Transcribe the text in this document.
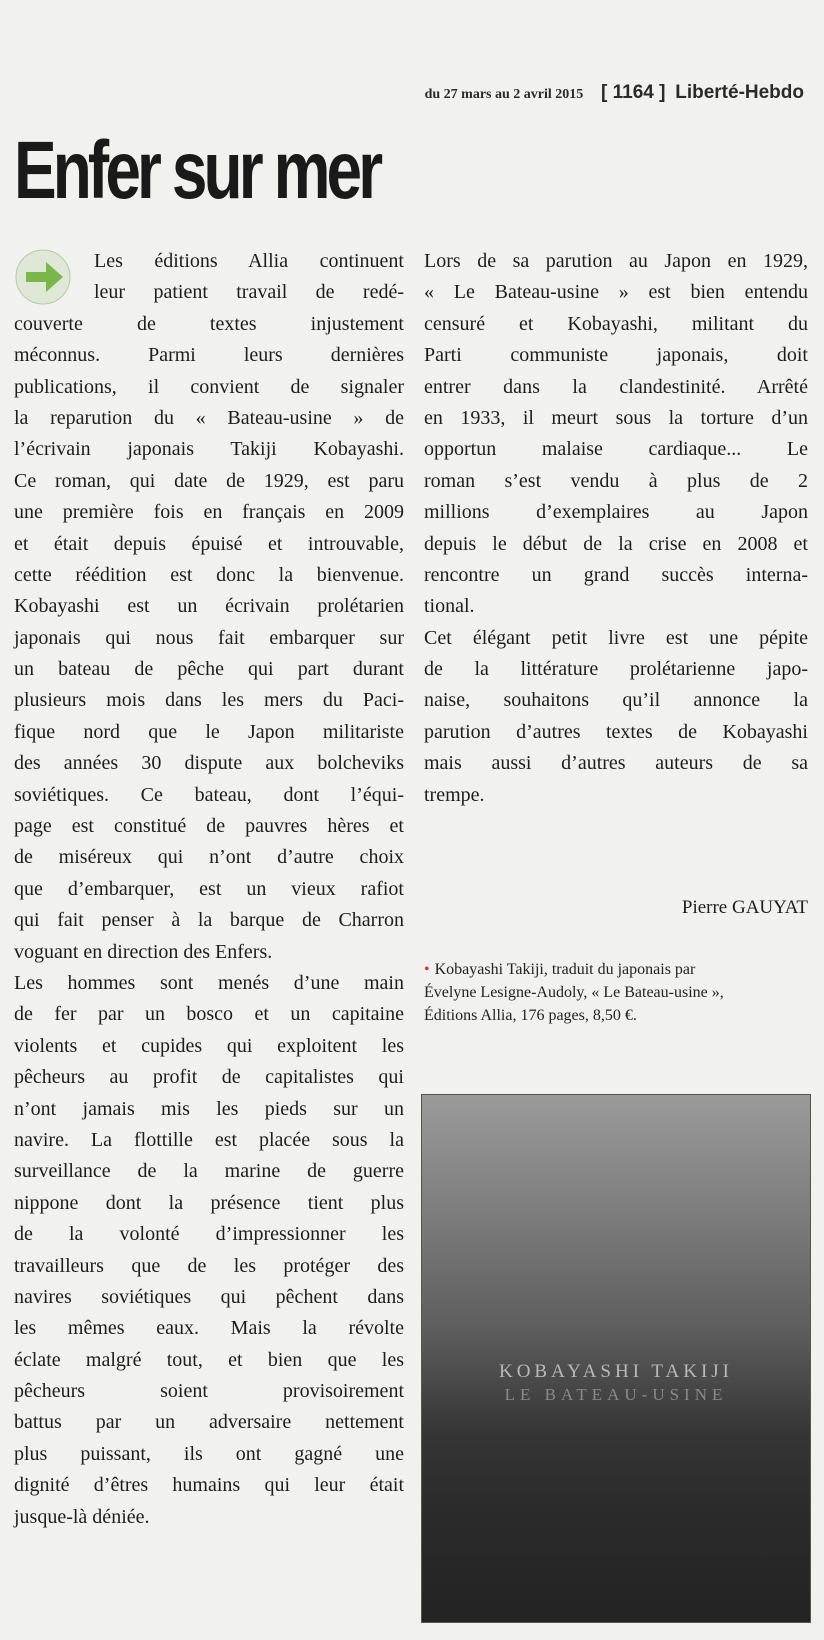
du 27 mars au 2 avril 2015 [ 1164 ] Liberté-Hebdo
Enfer sur mer
Les éditions Allia continuent
leur patient travail de redé-
couverte de textes injustement
méconnus. Parmi leurs dernières
publications, il convient de signaler
la reparution du « Bateau-usine » de
l’écrivain japonais Takiji Kobayashi.
Ce roman, qui date de 1929, est paru
une première fois en français en 2009
et était depuis épuisé et introuvable,
cette réédition est donc la bienvenue.
Kobayashi est un écrivain prolétarien
japonais qui nous fait embarquer sur
un bateau de pêche qui part durant
plusieurs mois dans les mers du Paci-
fique nord que le Japon militariste
des années 30 dispute aux bolcheviks
soviétiques. Ce bateau, dont l’équi-
page est constitué de pauvres hères et
de miséreux qui n’ont d’autre choix
que d’embarquer, est un vieux rafiot
qui fait penser à la barque de Charron
voguant en direction des Enfers.
Les hommes sont menés d’une main
de fer par un bosco et un capitaine
violents et cupides qui exploitent les
pêcheurs au profit de capitalistes qui
n’ont jamais mis les pieds sur un
navire. La flottille est placée sous la
surveillance de la marine de guerre
nippone dont la présence tient plus
de la volonté d’impressionner les
travailleurs que de les protéger des
navires soviétiques qui pêchent dans
les mêmes eaux. Mais la révolte
éclate malgré tout, et bien que les
pêcheurs soient provisoirement
battus par un adversaire nettement
plus puissant, ils ont gagné une
dignité d’êtres humains qui leur était
jusque-là déniée.
Lors de sa parution au Japon en 1929,
« Le Bateau-usine » est bien entendu
censuré et Kobayashi, militant du
Parti communiste japonais, doit
entrer dans la clandestinité. Arrêté
en 1933, il meurt sous la torture d’un
opportun malaise cardiaque... Le
roman s’est vendu à plus de 2
millions d’exemplaires au Japon
depuis le début de la crise en 2008 et
rencontre un grand succès interna-
tional.
Cet élégant petit livre est une pépite
de la littérature prolétarienne japo-
naise, souhaitons qu’il annonce la
parution d’autres textes de Kobayashi
mais aussi d’autres auteurs de sa
trempe.
Pierre GAUYAT
• Kobayashi Takiji, traduit du japonais par
Évelyne Lesigne-Audoly, « Le Bateau-usine »,
Éditions Allia, 176 pages, 8,50 €.
KOBAYASHI TAKIJI
LE BATEAU-USINE
